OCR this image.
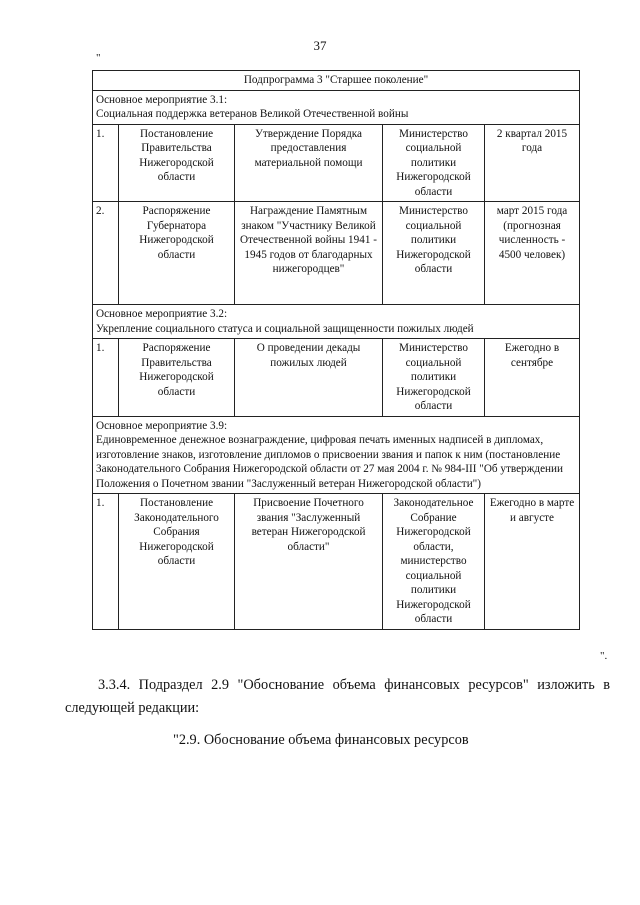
37
"
Подпрограмма 3 "Старшее поколение"				

Основное мероприятие 3.1:
Социальная поддержка ветеранов Великой Отечественной войны				

1.	Постановление Правительства Нижегородской области	Утверждение Порядка предоставления материальной помощи	Министерство социальной политики Нижегородской области	2 квартал 2015 года
2.	Распоряжение Губернатора Нижегородской области	Награждение Памятным знаком "Участнику Великой Отечественной войны 1941 - 1945 годов от благодарных нижегородцев"	Министерство социальной политики Нижегородской области	март 2015 года (прогнозная численность - 4500 человек)

Основное мероприятие 3.2:
Укрепление социального статуса и социальной защищенности пожилых людей				

1.	Распоряжение Правительства Нижегородской области	О проведении декады пожилых людей	Министерство социальной политики Нижегородской области	Ежегодно в сентябре

Основное мероприятие 3.9:
Единовременное денежное вознаграждение, цифровая печать именных надписей в дипломах, изготовление знаков, изготовление дипломов о присвоении звания и папок к ним (постановление Законодательного Собрания Нижегородской области от 27 мая 2004 г. № 984-III "Об утверждении Положения о Почетном звании "Заслуженный ветеран Нижегородской области")				

1.	Постановление Законодательного Собрания Нижегородской области	Присвоение Почетного звания "Заслуженный ветеран Нижегородской области"	Законодательное Собрание Нижегородской области, министерство социальной политики Нижегородской области	Ежегодно в марте и августе
".
3.3.4. Подраздел 2.9 "Обоснование объема финансовых ресурсов" изложить в следующей редакции:
"2.9. Обоснование объема финансовых ресурсов
